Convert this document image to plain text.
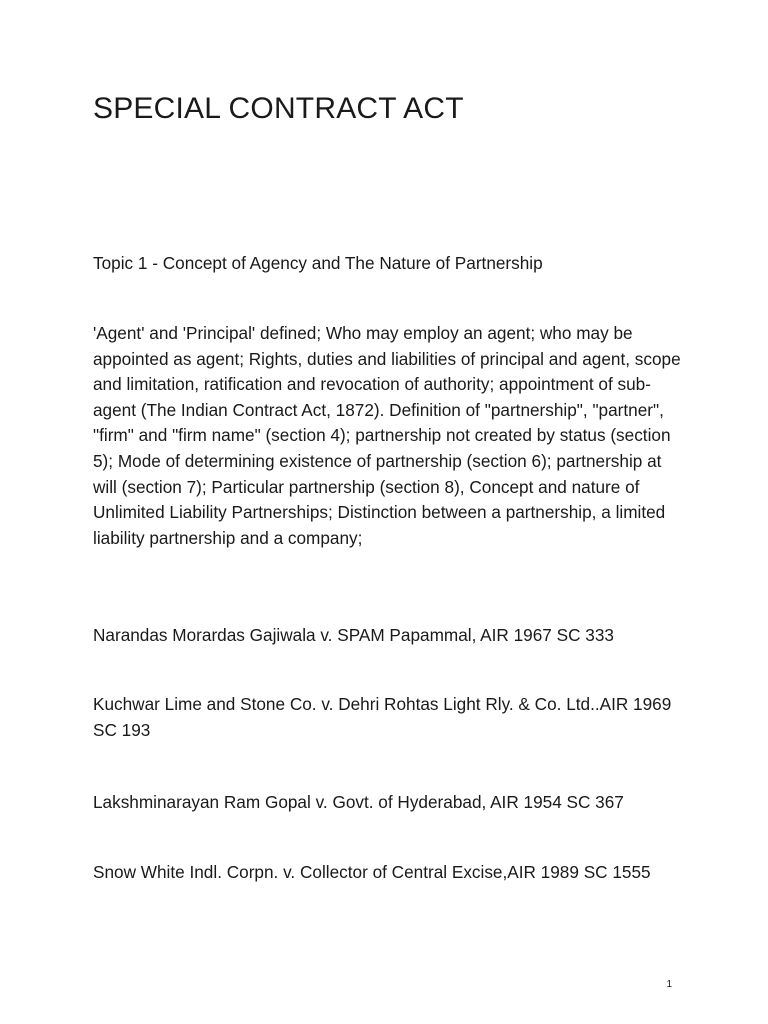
SPECIAL CONTRACT ACT

Topic 1 - Concept of Agency and The Nature of Partnership

'Agent' and 'Principal' defined; Who may employ an agent; who may be appointed as agent; Rights, duties and liabilities of principal and agent, scope and limitation, ratification and revocation of authority; appointment of sub-agent (The Indian Contract Act, 1872). Definition of "partnership", "partner", "firm" and "firm name" (section 4); partnership not created by status (section 5); Mode of determining existence of partnership (section 6); partnership at will (section 7); Particular partnership (section 8), Concept and nature of Unlimited Liability Partnerships; Distinction between a partnership, a limited liability partnership and a company;

Narandas Morardas Gajiwala v. SPAM Papammal, AIR 1967 SC 333

Kuchwar Lime and Stone Co. v. Dehri Rohtas Light Rly. & Co. Ltd..AIR 1969 SC 193

Lakshminarayan Ram Gopal v. Govt. of Hyderabad, AIR 1954 SC 367

Snow White Indl. Corpn. v. Collector of Central Excise,AIR 1989 SC 1555

1
